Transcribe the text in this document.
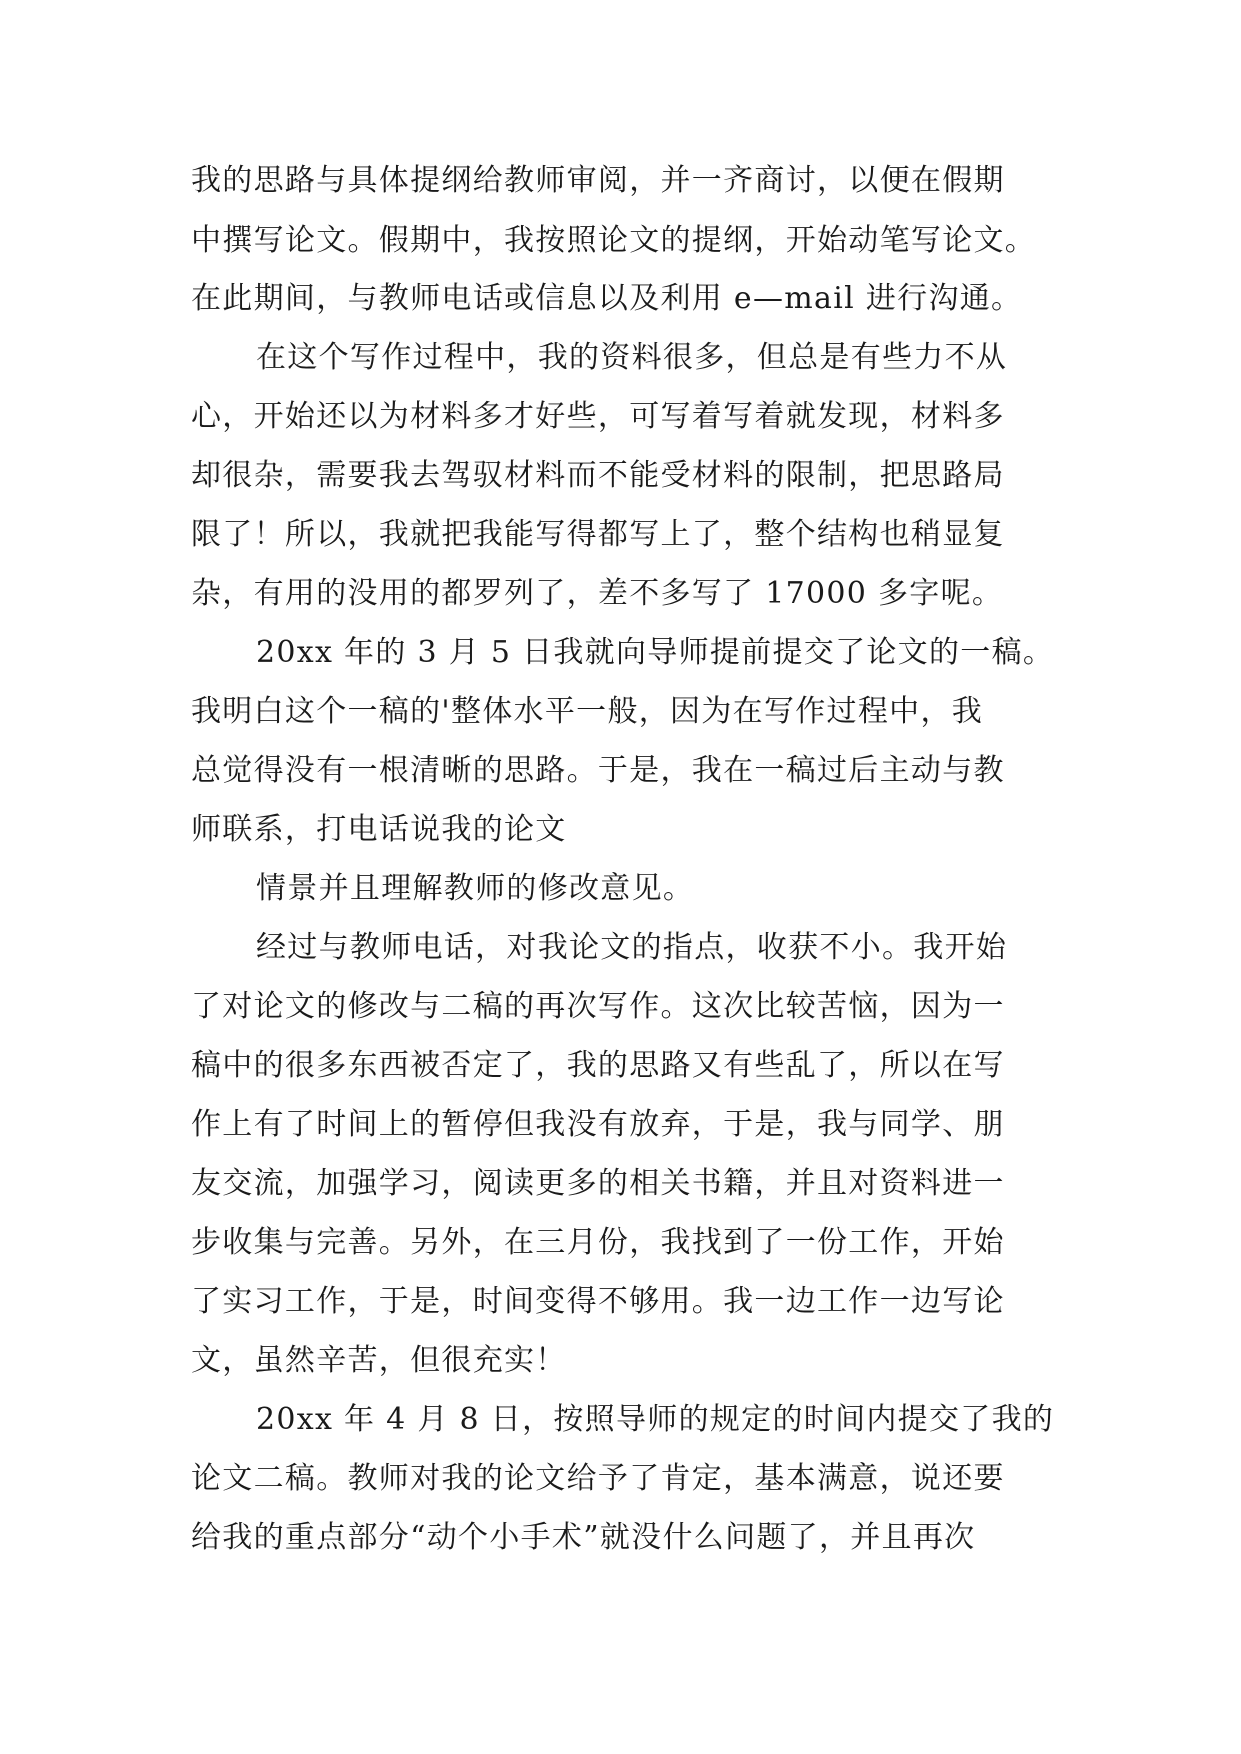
我的思路与具体提纲给教师审阅，并一齐商讨，以便在假期

中撰写论文。假期中，我按照论文的提纲，开始动笔写论文。

在此期间，与教师电话或信息以及利用 e—mail 进行沟通。

在这个写作过程中，我的资料很多，但总是有些力不从

心，开始还以为材料多才好些，可写着写着就发现，材料多

却很杂，需要我去驾驭材料而不能受材料的限制，把思路局

限了！所以，我就把我能写得都写上了，整个结构也稍显复

杂，有用的没用的都罗列了，差不多写了 17000 多字呢。

20xx 年的 3 月 5 日我就向导师提前提交了论文的一稿。

我明白这个一稿的'整体水平一般，因为在写作过程中，我

总觉得没有一根清晰的思路。于是，我在一稿过后主动与教

师联系，打电话说我的论文

情景并且理解教师的修改意见。

经过与教师电话，对我论文的指点，收获不小。我开始

了对论文的修改与二稿的再次写作。这次比较苦恼，因为一

稿中的很多东西被否定了，我的思路又有些乱了，所以在写

作上有了时间上的暂停但我没有放弃，于是，我与同学、朋

友交流，加强学习，阅读更多的相关书籍，并且对资料进一

步收集与完善。另外，在三月份，我找到了一份工作，开始

了实习工作，于是，时间变得不够用。我一边工作一边写论

文，虽然辛苦，但很充实！

20xx 年 4 月 8 日，按照导师的规定的时间内提交了我的

论文二稿。教师对我的论文给予了肯定，基本满意，说还要

给我的重点部分“动个小手术”就没什么问题了，并且再次
